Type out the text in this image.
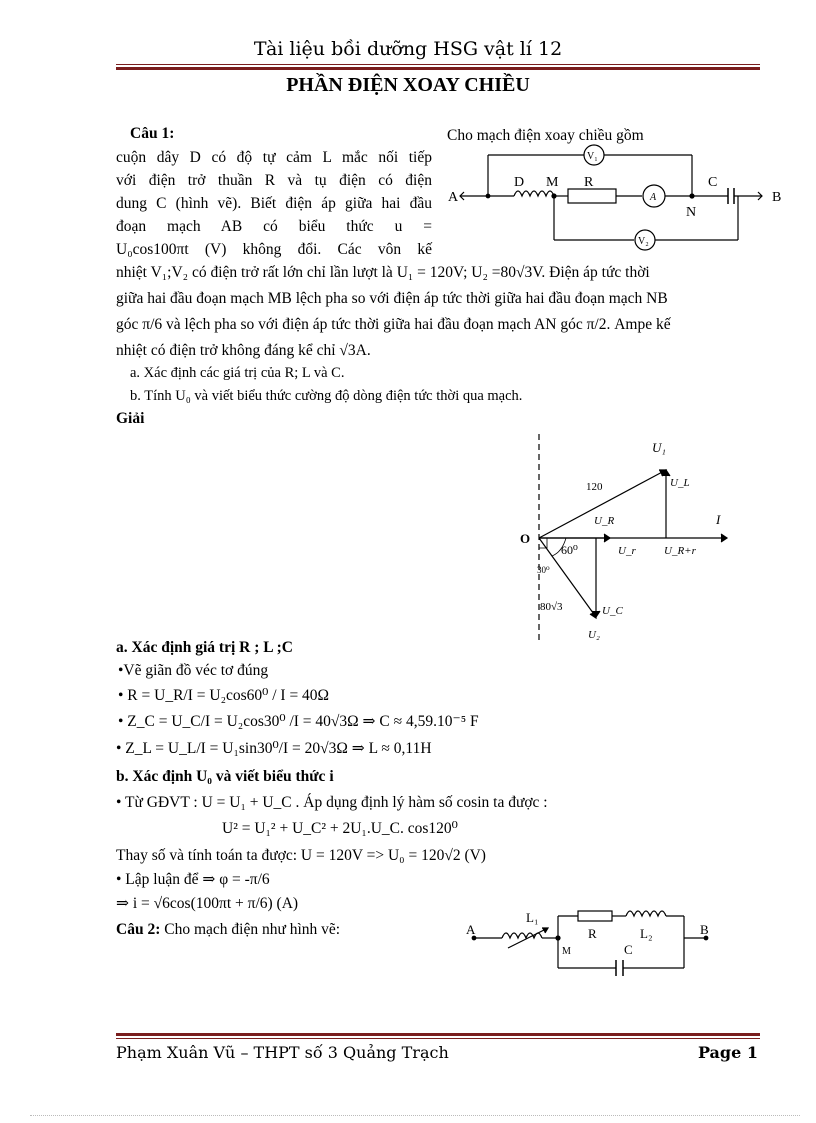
Tài liệu bồi dưỡng HSG vật lí 12
PHẦN ĐIỆN XOAY CHIỀU
Câu 1:	Cho mạch điện xoay chiều gồm
cuộn dây D có độ tự cảm L mắc nối tiếp
với điện trở thuần R và tụ điện có điện
dung C (hình vẽ). Biết điện áp giữa hai đầu
đoạn mạch AB có biểu thức u =
U₀cos100πt (V) không đổi. Các vôn kế
A	B
D M R
N
C
V₁
V₂
A
nhiệt V₁;V₂ có điện trở rất lớn chỉ lần lượt là U₁ = 120V; U₂ =80√3V. Điện áp tức thời
giữa hai đầu đoạn mạch MB lệch pha so với điện áp tức thời giữa hai đầu đoạn mạch NB
góc π/6 và lệch pha so với điện áp tức thời giữa hai đầu đoạn mạch AN góc π/2. Ampe kế
nhiệt có điện trở không đáng kể chỉ √3A.
a. Xác định các giá trị của R; L và C.
b. Tính U₀ và viết biểu thức cường độ dòng điện tức thời qua mạch.
Giải
O
U₁
U_L
U_R	I
U_r	U_R+r
U_C
U₂
120
60⁰
30⁰
80√3
a. Xác định giá trị R ; L ;C
•Vẽ giãn đồ véc tơ đúng
• R = U_R/I = U₂cos60⁰ / I = 40Ω
• Z_C = U_C/I = U₂cos30⁰ /I = 40√3Ω ⇒ C ≈ 4,59.10⁻⁵ F
• Z_L = U_L/I = U₁sin30⁰/I = 20√3Ω ⇒ L ≈ 0,11H
b. Xác định U₀ và viết biểu thức i
• Từ GĐVT : U = U₁ + U_C . Áp dụng định lý hàm số cosin ta được :
U² = U₁² + U_C² + 2U₁.U_C. cos120⁰
Thay số và tính toán ta được: U = 120V => U₀ = 120√2 (V)
• Lập luận để ⇒ φ = -π/6
⇒ i = √6cos(100πt + π/6) (A)
Câu 2: Cho mạch điện như hình vẽ:	A	B
L₁
M
R	L₂
C
Phạm Xuân Vũ – THPT số 3 Quảng Trạch	Page 1
